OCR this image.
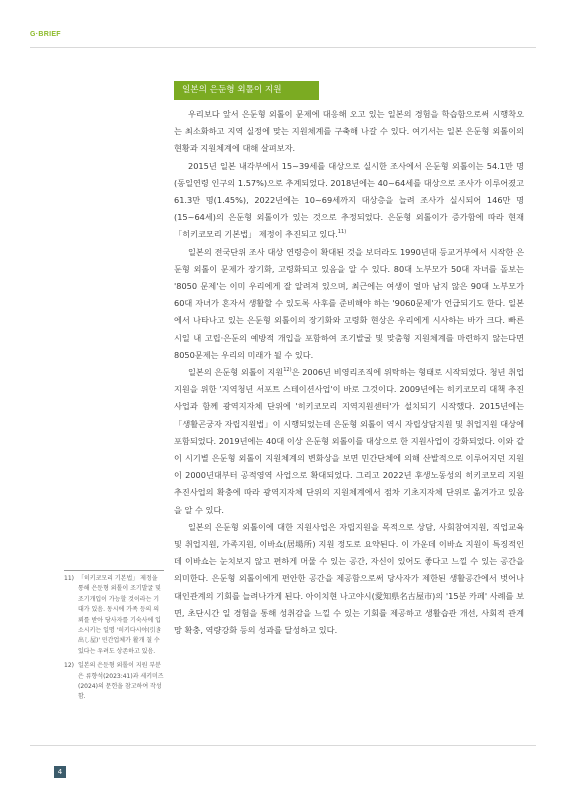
G·BRIEF
일본의 은둔형 외톨이 지원

우리보다 앞서 은둔형 외톨이 문제에 대응해 오고 있는 일본의 경험을 학습함으로써 시행착오는 최소화하고 지역 실정에 맞는 지원체계를 구축해 나갈 수 있다. 여기서는 일본 은둔형 외톨이의 현황과 지원체계에 대해 살펴보자.

2015년 일본 내각부에서 15~39세를 대상으로 실시한 조사에서 은둔형 외톨이는 54.1만 명(동일연령 인구의 1.57%)으로 추계되었다. 2018년에는 40~64세를 대상으로 조사가 이루어졌고 61.3만 명(1.45%), 2022년에는 10~69세까지 대상층을 늘려 조사가 실시되어 146만 명(15~64세)의 은둔형 외톨이가 있는 것으로 추정되었다. 은둔형 외톨이가 증가함에 따라 현재 「히키코모리 기본법」 제정이 추진되고 있다.$^{11)}$

일본의 전국단위 조사 대상 연령층이 확대된 것을 보더라도 1990년대 등교거부에서 시작한 은둔형 외톨이 문제가 장기화, 고령화되고 있음을 알 수 있다. 80대 노부모가 50대 자녀를 돌보는 '8050 문제'는 이미 우리에게 잘 알려져 있으며, 최근에는 여생이 얼마 남지 않은 90대 노부모가 60대 자녀가 혼자서 생활할 수 있도록 사후를 준비해야 하는 '9060문제'가 언급되기도 한다. 일본에서 나타나고 있는 은둔형 외톨이의 장기화와 고령화 현상은 우리에게 시사하는 바가 크다. 빠른 시일 내 고립·은둔의 예방적 개입을 포함하여 조기발굴 및 맞춤형 지원체계를 마련하지 않는다면 8050문제는 우리의 미래가 될 수 있다.

일본의 은둔형 외톨이 지원$^{12)}$은 2006년 비영리조직에 위탁하는 형태로 시작되었다. 청년 취업지원을 위한 '지역청년 서포트 스테이션사업'이 바로 그것이다. 2009년에는 히키코모리 대책 추진사업과 함께 광역지자체 단위에 '히키코모리 지역지원센터'가 설치되기 시작했다. 2015년에는 「생활곤궁자 자립지원법」이 시행되었는데 은둔형 외톨이 역시 자립상담지원 및 취업지원 대상에 포함되었다. 2019년에는 40대 이상 은둔형 외톨이를 대상으로 한 지원사업이 강화되었다. 이와 같이 시기별 은둔형 외톨이 지원체계의 변화상을 보면 민간단체에 의해 산발적으로 이루어지던 지원이 2000년대부터 공적영역 사업으로 확대되었다. 그리고 2022년 후생노동성의 히키코모리 지원 추진사업의 확충에 따라 광역지자체 단위의 지원체계에서 점차 기초지자체 단위로 옮겨가고 있음을 알 수 있다.

일본의 은둔형 외톨이에 대한 지원사업은 자립지원을 목적으로 상담, 사회참여지원, 직업교육 및 취업지원, 가족지원, 이바쇼(居場所) 지원 정도로 요약된다. 이 가운데 이바쇼 지원이 특징적인데 이바쇼는 눈치보지 않고 편하게 머물 수 있는 공간, 자신이 있어도 좋다고 느낄 수 있는 공간을 의미한다. 은둔형 외톨이에게 편안한 공간을 제공함으로써 당사자가 제한된 생활공간에서 벗어나 대인관계의 기회를 늘려나가게 된다. 아이치현 나고야시(愛知県名古屋市)의 '15분 카페' 사례를 보면, 초단시간 일 경험을 통해 성취감을 느낄 수 있는 기회를 제공하고 생활습관 개선, 사회적 관계망 확충, 역량강화 등의 성과를 달성하고 있다.

11) 「히키코모리 기본법」 제정을 통해 은둔형 외톨이 조기발굴 및 조기개입이 가능할 것이라는 기대가 있음. 동시에 가족 등의 의뢰를 받아 당사자를 기숙사에 입소시키는 일명 '히키다시야(引き出し屋)' 민간업체가 활개 칠 수 있다는 우려도 상존하고 있음.
12) 일본의 은둔형 외톨이 지원 부분은 류향석(2023:41)과 세키미즈(2024)의 문헌을 참고하여 작성함.
4
